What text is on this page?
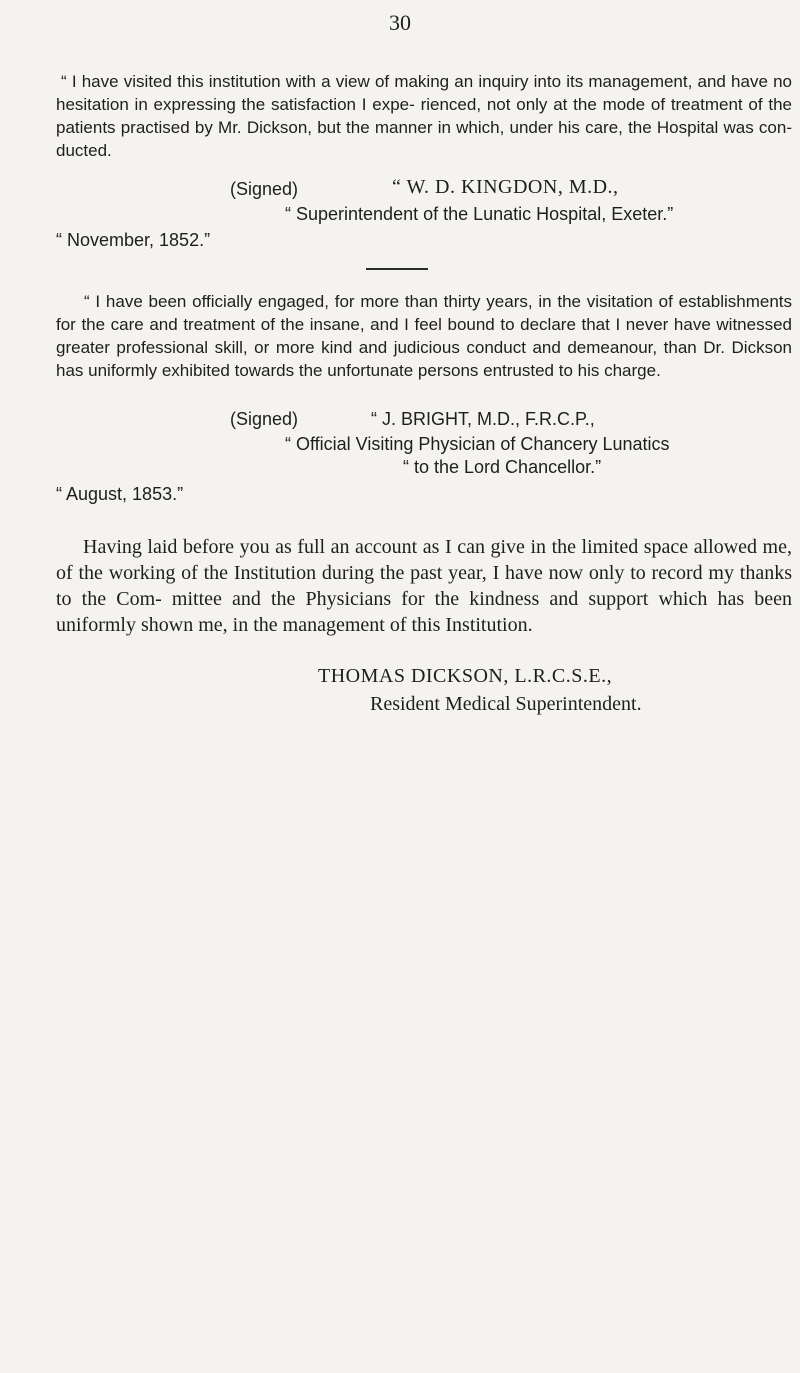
30

“ I have visited this institution with a view of making an inquiry into its management, and have no hesitation in expressing the satisfaction I expe- rienced, not only at the mode of treatment of the patients practised by Mr. Dickson, but the manner in which, under his care, the Hospital was con- ducted.

(Signed)	“ W. D. KINGDON, M.D.,
“ Superintendent of the Lunatic Hospital, Exeter.”
“ November, 1852.”

“ I have been officially engaged, for more than thirty years, in the visitation of establishments for the care and treatment of the insane, and I feel bound to declare that I never have witnessed greater professional skill, or more kind and judicious conduct and demeanour, than Dr. Dickson has uniformly exhibited towards the unfortunate persons entrusted to his charge.

(Signed)	“ J. BRIGHT, M.D., F.R.C.P.,
“ Official Visiting Physician of Chancery Lunatics
“ to the Lord Chancellor.”
“ August, 1853.”

Having laid before you as full an account as I can give in the limited space allowed me, of the working of the Institution during the past year, I have now only to record my thanks to the Com- mittee and the Physicians for the kindness and support which has been uniformly shown me, in the management of this Institution.

THOMAS DICKSON, L.R.C.S.E.,
Resident Medical Superintendent.
